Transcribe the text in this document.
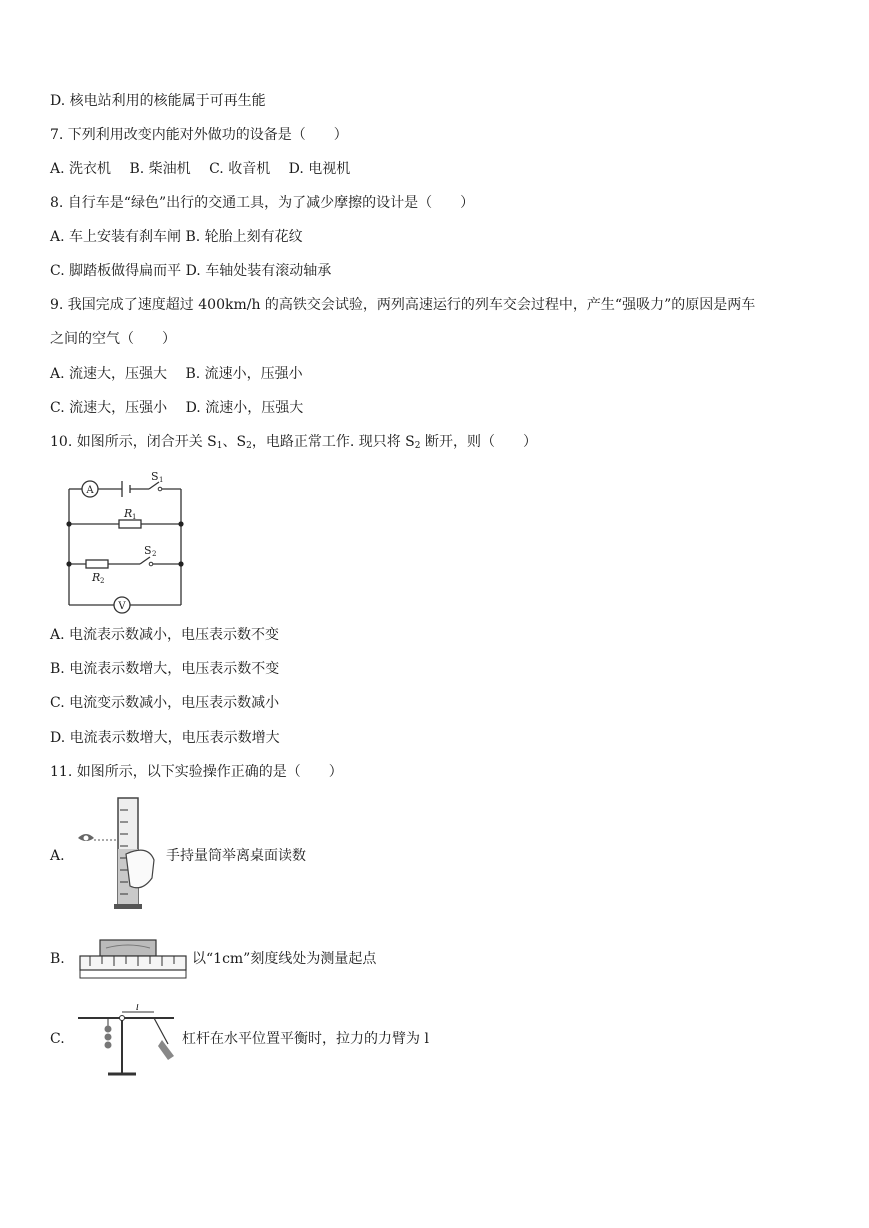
D. 核电站利用的核能属于可再生能
7. 下列利用改变内能对外做功的设备是（　　）
A. 洗衣机　 B. 柴油机　 C. 收音机　 D. 电视机
8. 自行车是“绿色”出行的交通工具，为了减少摩擦的设计是（　　）
A. 车上安装有刹车闸 B. 轮胎上刻有花纹
C. 脚踏板做得扁而平 D. 车轴处装有滚动轴承
9. 我国完成了速度超过 400km/h 的高铁交会试验，两列高速运行的列车交会过程中，产生“强吸力”的原因是两车
之间的空气（　　）
A. 流速大，压强大　 B. 流速小，压强小
C. 流速大，压强小　 D. 流速小，压强大
10. 如图所示，闭合开关 $S_1$、$S_2$，电路正常工作. 现只将 $S_2$ 断开，则（　　）
A
V
S 1
R 1
S 2
R 2
A. 电流表示数减小，电压表示数不变
B. 电流表示数增大，电压表示数不变
C. 电流变示数减小，电压表示数减小
D. 电流表示数增大，电压表示数增大
11. 如图所示，以下实验操作正确的是（　　）
A.	手持量筒举离桌面读数
B.	以“1cm”刻度线处为测量起点
C.
l
杠杆在水平位置平衡时，拉力的力臂为 l
